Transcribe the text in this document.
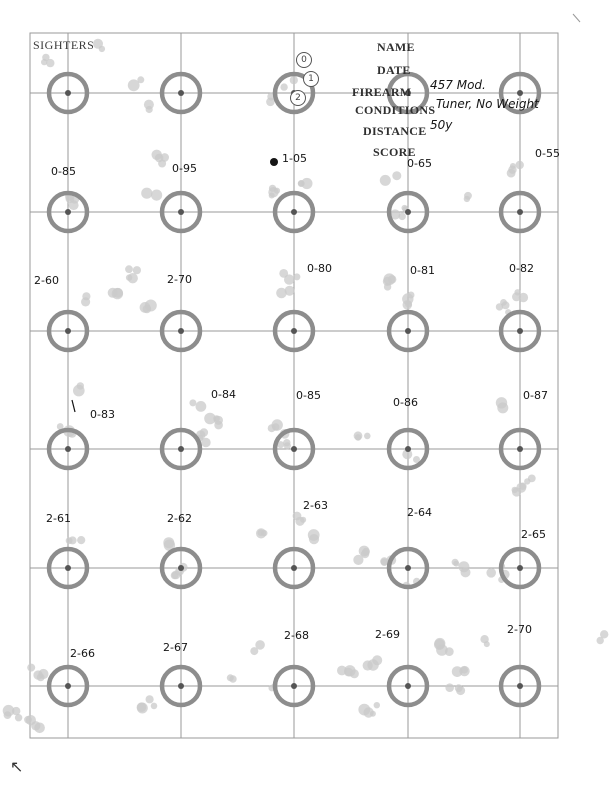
SIGHTERS
0
1
2
NAME
DATE
FIREARM 457 Mod.
CONDITIONS Tuner, No Weight
DISTANCE 50y
SCORE
0-85	0-95
1-05	0-65
0-55
2-60	2-70
0-80	0-81	0-82
0-83
0-84	0-85
0-86
0-87
2-61	2-62
2-63
2-64
2-65
2-66	2-67
2-68	2-69	2-70
↖
